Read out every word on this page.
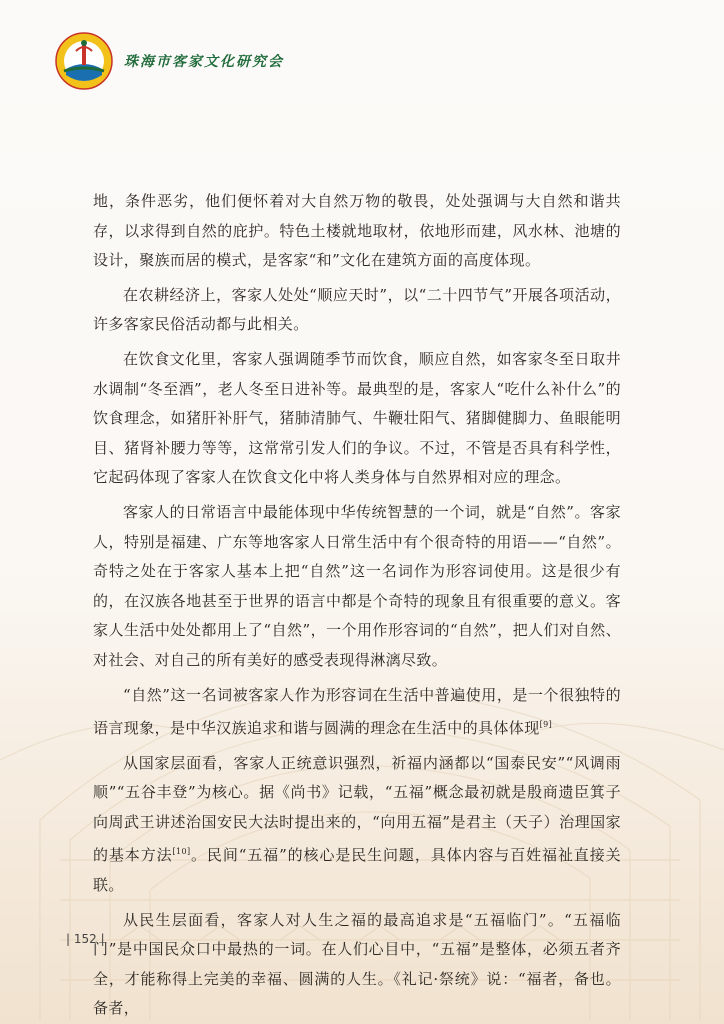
珠海市客家文化研究会

地，条件恶劣，他们便怀着对大自然万物的敬畏，处处强调与大自然和谐共存，以求得到自然的庇护。特色土楼就地取材，依地形而建，风水林、池塘的设计，聚族而居的模式，是客家“和”文化在建筑方面的高度体现。

在农耕经济上，客家人处处“顺应天时”，以“二十四节气”开展各项活动，许多客家民俗活动都与此相关。

在饮食文化里，客家人强调随季节而饮食，顺应自然，如客家冬至日取井水调制“冬至酒”，老人冬至日进补等。最典型的是，客家人“吃什么补什么”的饮食理念，如猪肝补肝气，猪肺清肺气、牛鞭壮阳气、猪脚健脚力、鱼眼能明目、猪肾补腰力等等，这常常引发人们的争议。不过，不管是否具有科学性，它起码体现了客家人在饮食文化中将人类身体与自然界相对应的理念。

客家人的日常语言中最能体现中华传统智慧的一个词，就是“自然”。客家人，特别是福建、广东等地客家人日常生活中有个很奇特的用语——“自然”。奇特之处在于客家人基本上把“自然”这一名词作为形容词使用。这是很少有的，在汉族各地甚至于世界的语言中都是个奇特的现象且有很重要的意义。客家人生活中处处都用上了“自然”，一个用作形容词的“自然”，把人们对自然、对社会、对自己的所有美好的感受表现得淋漓尽致。

“自然”这一名词被客家人作为形容词在生活中普遍使用，是一个很独特的语言现象，是中华汉族追求和谐与圆满的理念在生活中的具体体现[9]

从国家层面看，客家人正统意识强烈，祈福内涵都以“国泰民安”“风调雨顺”“五谷丰登”为核心。据《尚书》记载，“五福”概念最初就是殷商遗臣箕子向周武王讲述治国安民大法时提出来的，“向用五福”是君主（天子）治理国家的基本方法[10]。民间“五福”的核心是民生问题，具体内容与百姓福祉直接关联。

从民生层面看，客家人对人生之福的最高追求是“五福临门”。“五福临门”是中国民众口中最热的一词。在人们心目中，“五福”是整体，必须五者齐全，才能称得上完美的幸福、圆满的人生。《礼记·祭统》说：“福者，备也。备者，

| 152 |
